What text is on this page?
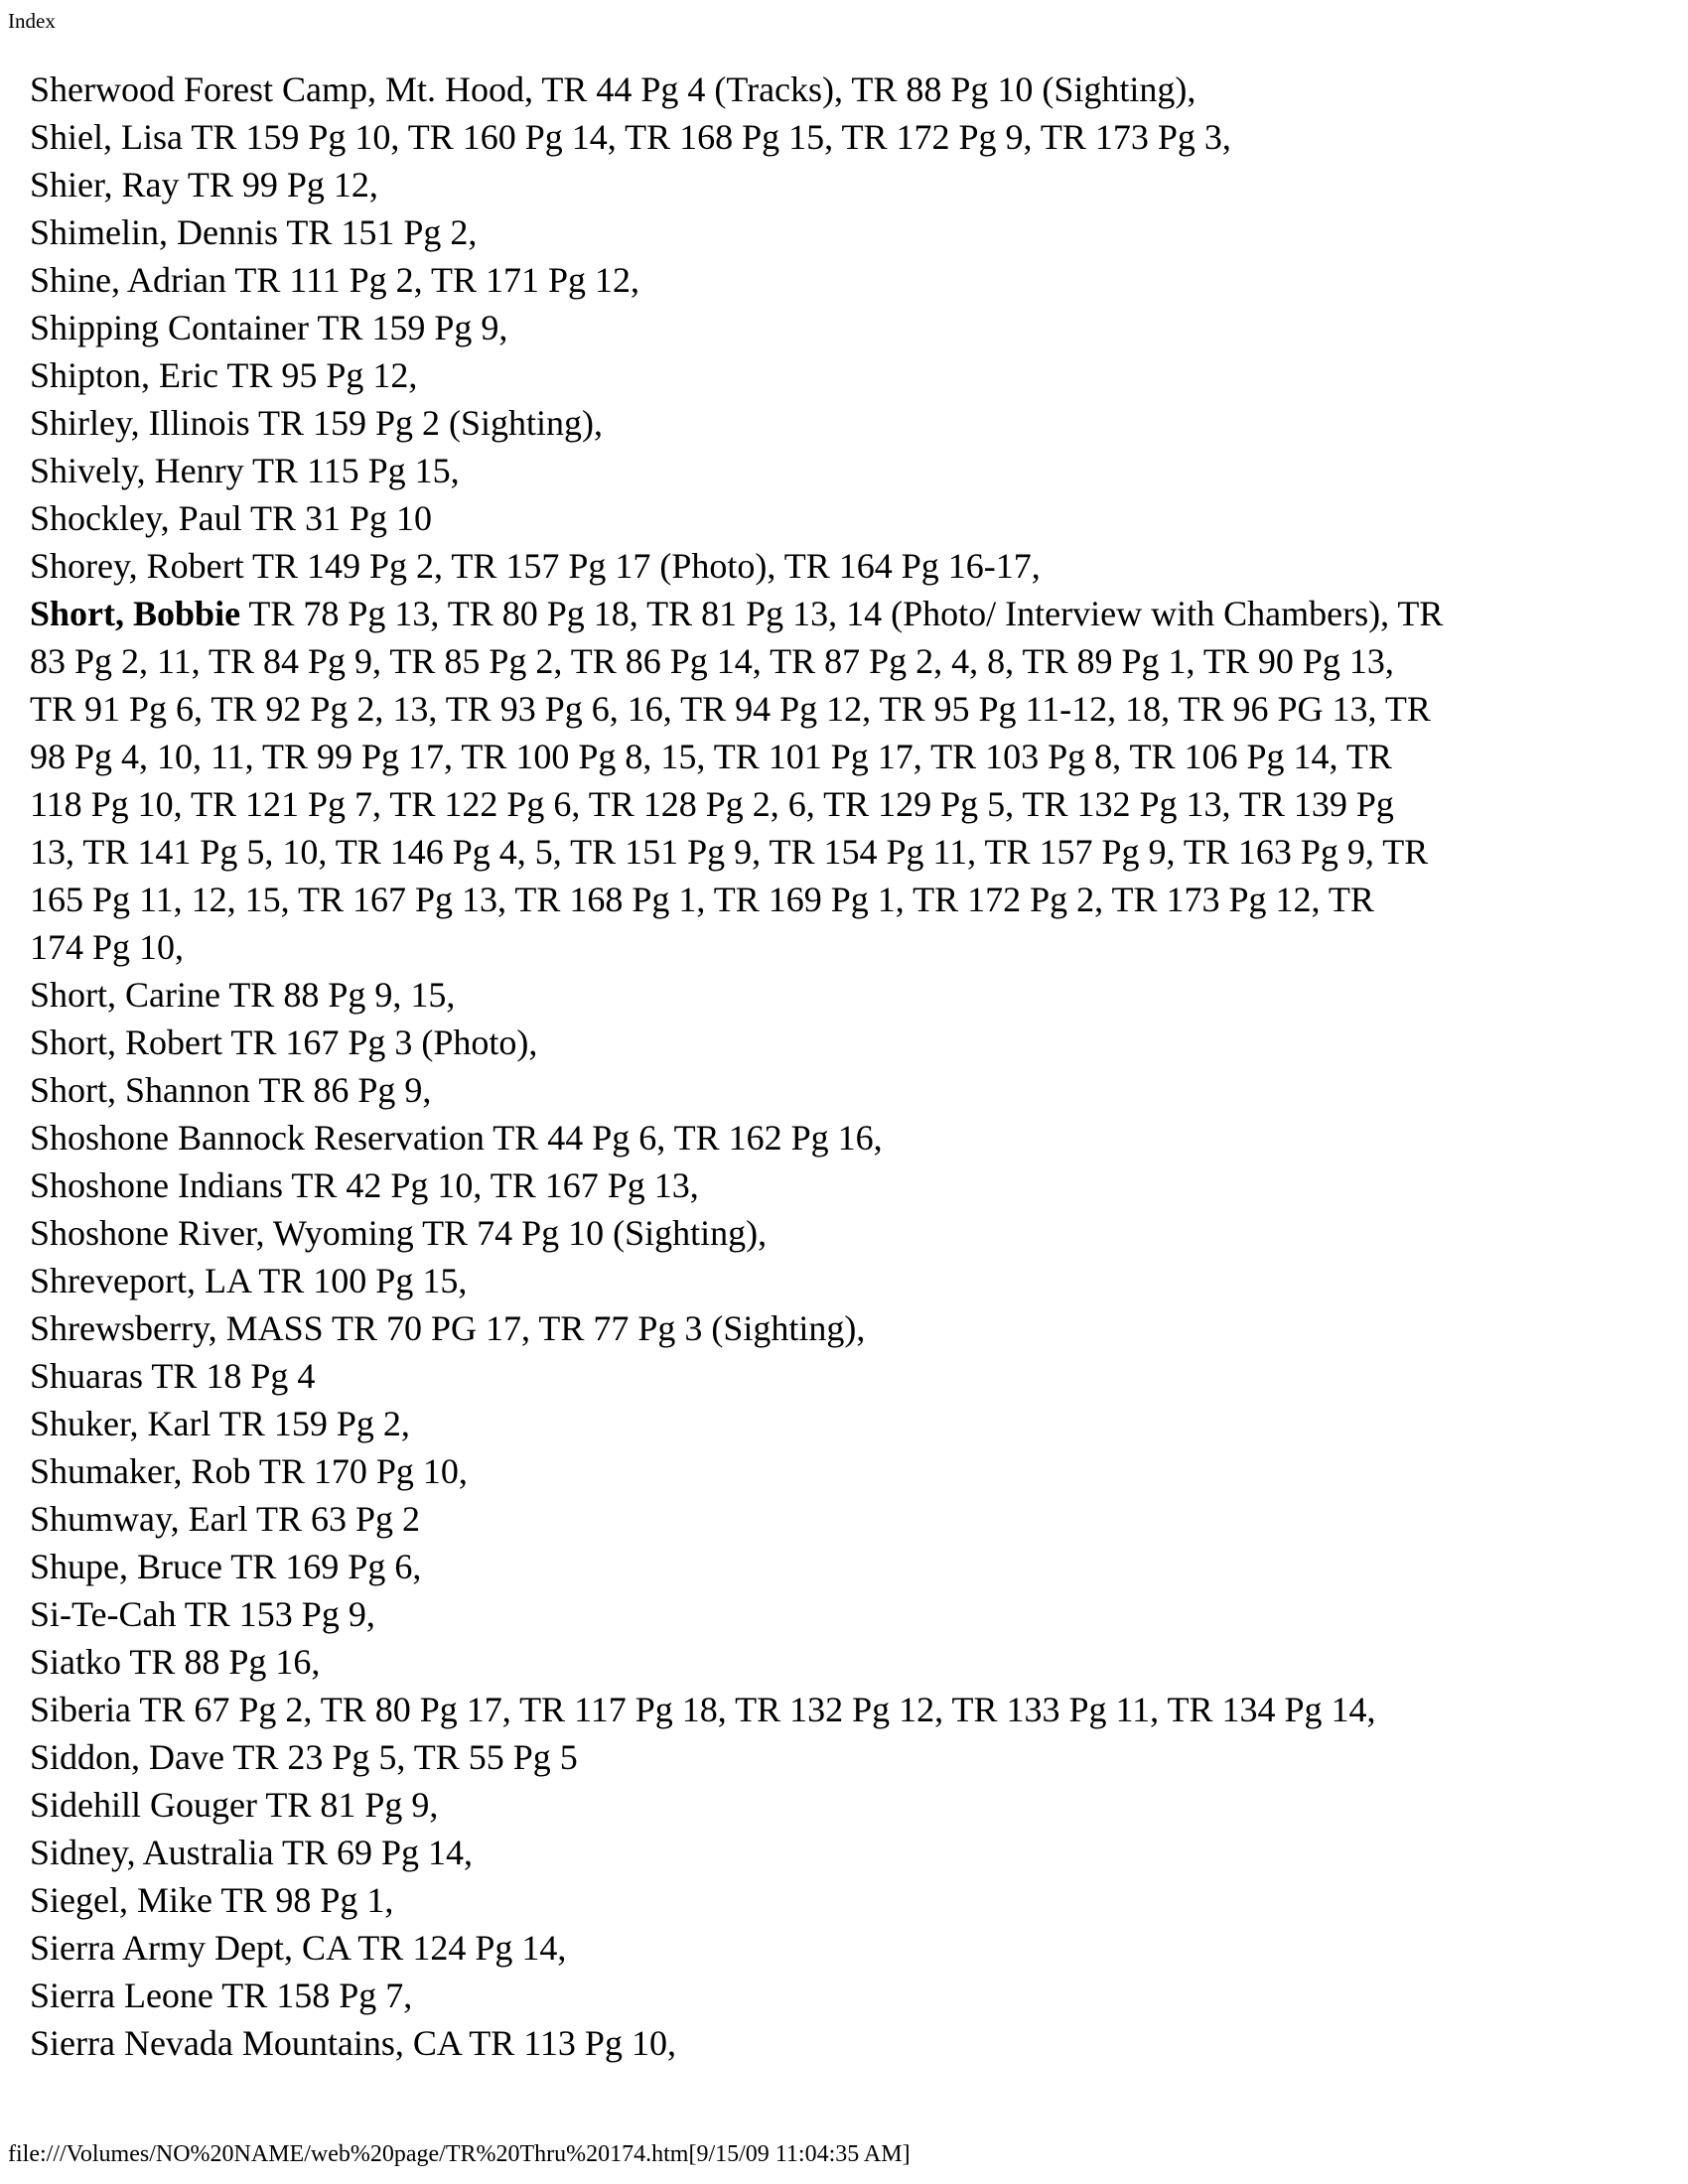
Index
Sherwood Forest Camp, Mt. Hood, TR 44 Pg 4 (Tracks), TR 88 Pg 10 (Sighting),
Shiel, Lisa TR 159 Pg 10, TR 160 Pg 14, TR 168 Pg 15, TR 172 Pg 9, TR 173 Pg 3,
Shier, Ray TR 99 Pg 12,
Shimelin, Dennis TR 151 Pg 2,
Shine, Adrian TR 111 Pg 2, TR 171 Pg 12,
Shipping Container TR 159 Pg 9,
Shipton, Eric TR 95 Pg 12,
Shirley, Illinois TR 159 Pg 2 (Sighting),
Shively, Henry TR 115 Pg 15,
Shockley, Paul TR 31 Pg 10
Shorey, Robert TR 149 Pg 2, TR 157 Pg 17 (Photo), TR 164 Pg 16-17,
Short, Bobbie TR 78 Pg 13, TR 80 Pg 18, TR 81 Pg 13, 14 (Photo/ Interview with Chambers), TR
83 Pg 2, 11, TR 84 Pg 9, TR 85 Pg 2, TR 86 Pg 14, TR 87 Pg 2, 4, 8, TR 89 Pg 1, TR 90 Pg 13,
TR 91 Pg 6, TR 92 Pg 2, 13, TR 93 Pg 6, 16, TR 94 Pg 12, TR 95 Pg 11-12, 18, TR 96 PG 13, TR
98 Pg 4, 10, 11, TR 99 Pg 17, TR 100 Pg 8, 15, TR 101 Pg 17, TR 103 Pg 8, TR 106 Pg 14, TR
118 Pg 10, TR 121 Pg 7, TR 122 Pg 6, TR 128 Pg 2, 6, TR 129 Pg 5, TR 132 Pg 13, TR 139 Pg
13, TR 141 Pg 5, 10, TR 146 Pg 4, 5, TR 151 Pg 9, TR 154 Pg 11, TR 157 Pg 9, TR 163 Pg 9, TR
165 Pg 11, 12, 15, TR 167 Pg 13, TR 168 Pg 1, TR 169 Pg 1, TR 172 Pg 2, TR 173 Pg 12, TR
174 Pg 10,
Short, Carine TR 88 Pg 9, 15,
Short, Robert TR 167 Pg 3 (Photo),
Short, Shannon TR 86 Pg 9,
Shoshone Bannock Reservation TR 44 Pg 6, TR 162 Pg 16,
Shoshone Indians TR 42 Pg 10, TR 167 Pg 13,
Shoshone River, Wyoming TR 74 Pg 10 (Sighting),
Shreveport, LA TR 100 Pg 15,
Shrewsberry, MASS TR 70 PG 17, TR 77 Pg 3 (Sighting),
Shuaras TR 18 Pg 4
Shuker, Karl TR 159 Pg 2,
Shumaker, Rob TR 170 Pg 10,
Shumway, Earl TR 63 Pg 2
Shupe, Bruce TR 169 Pg 6,
Si-Te-Cah TR 153 Pg 9,
Siatko TR 88 Pg 16,
Siberia TR 67 Pg 2, TR 80 Pg 17, TR 117 Pg 18, TR 132 Pg 12, TR 133 Pg 11, TR 134 Pg 14,
Siddon, Dave TR 23 Pg 5, TR 55 Pg 5
Sidehill Gouger TR 81 Pg 9,
Sidney, Australia TR 69 Pg 14,
Siegel, Mike TR 98 Pg 1,
Sierra Army Dept, CA TR 124 Pg 14,
Sierra Leone TR 158 Pg 7,
Sierra Nevada Mountains, CA TR 113 Pg 10,
file:///Volumes/NO%20NAME/web%20page/TR%20Thru%20174.htm[9/15/09 11:04:35 AM]
